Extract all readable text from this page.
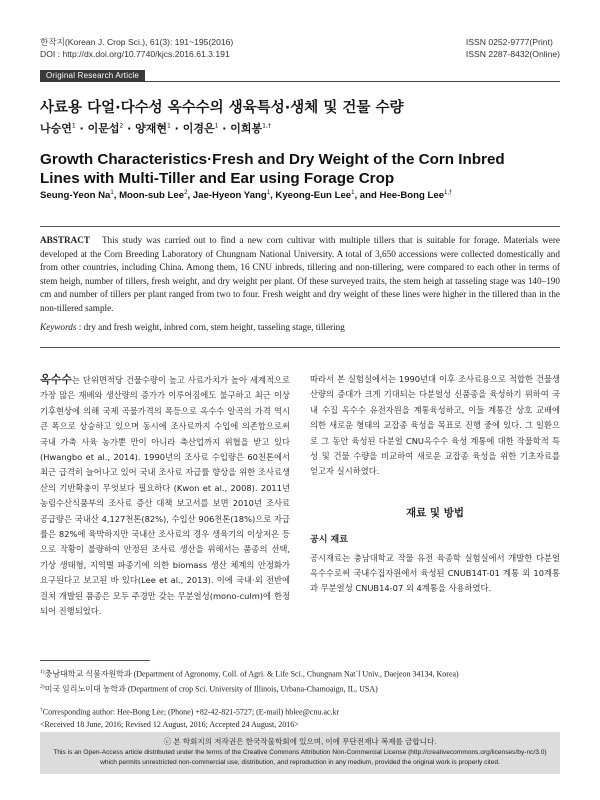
한작지(Korean J. Crop Sci.), 61(3): 191~195(2016)
DOI : http://dx.doi.org/10.7740/kjcs.2016.61.3.191
ISSN 0252-9777(Print)
ISSN 2287-8432(Online)
Original Research Article
사료용 다얼·다수성 옥수수의 생육특성·생체 및 건물 수량
나승연$^1$ · 이문섭$^2$ · 양재현$^1$ · 이경은$^1$ · 이희봉$^{1,\dagger}$
Growth Characteristics·Fresh and Dry Weight of the Corn Inbred Lines with Multi-Tiller and Ear using Forage Crop
Seung-Yeon Na$^1$, Moon-sub Lee$^2$, Jae-Hyeon Yang$^1$, Kyeong-Eun Lee$^1$, and Hee-Bong Lee$^{1,\dagger}$
ABSTRACT This study was carried out to find a new corn cultivar with multiple tillers that is suitable for forage. Materials were developed at the Corn Breeding Laboratory of Chungnam National University. A total of 3,650 accessions were collected domestically and from other countries, including China. Among them, 16 CNU inbreds, tillering and non-tillering, were compared to each other in terms of stem heigh, number of tillers, fresh weight, and dry weight per plant. Of these surveyed traits, the stem heigh at tasseling stage was 140–190 cm and number of tillers per plant ranged from two to four. Fresh weight and dry weight of these lines were higher in the tillered than in the non-tillered sample.
Keywords : dry and fresh weight, inbred corn, stem height, tasseling stage, tillering
옥수수는 단위면적당 건물수량이 높고 사료가치가 높아 세계적으로 가장 많은 재배와 생산량의 증가가 이루어짐에도 불구하고 최근 이상기후현상에 의해 국제 곡물가격의 폭등으로 옥수수 알곡의 가격 역시 큰 폭으로 상승하고 있으며 동시에 조사료까지 수입에 의존함으로써 국내 가축 사육 농가뿐 만이 아니라 축산업까지 위협을 받고 있다 (Hwangbo et al., 2014). 1990년의 조사료 수입량은 60천톤에서 최근 급격히 늘어나고 있어 국내 조사료 자급률 향상을 위한 조사료생산의 기반확충이 무엇보다 필요하다 (Kwon et al., 2008). 2011년 농림수산식품부의 조사료 증산 대책 보고서를 보면 2010년 조사료 공급량은 국내산 4,127천톤(82%), 수입산 906천톤(18%)으로 자급률은 82%에 육박하지만 국내산 조사료의 경우 생육기의 이상저온 등으로 작황이 불량하여 안정된 조사료 생산을 위해서는 품종의 선택, 기상 생태형, 지역별 파종기에 의한 biomass 생산 체계의 안정화가 요구된다고 보고된 바 있다(Lee et al., 2013). 이에 국내·외 전반에 걸쳐 개발된 품종은 모두 주경만 갖는 무분얼성(mono-culm)에 한정되어 진행되었다.
따라서 본 실험실에서는 1990년대 이후 조사료용으로 적합한 건물생산량의 증대가 크게 기대되는 다분얼성 신품종을 육성하기 위하여 국내 수집 옥수수 유전자원을 계통육성하고, 이들 계통간 상호 교배에 의한 새로운 형태의 교잡종 육성을 목표로 진행 중에 있다. 그 일환으로 그 동안 육성된 다분얼 CNU옥수수 육성 계통에 대한 작물학적 특성 및 건물 수량을 비교하여 새로운 교잡종 육성을 위한 기초자료를 얻고자 실시하였다.
재료 및 방법
공시 재료
공시재료는 충남대학교 작물 유전 육종학 실험실에서 개발한 다분얼 옥수수로써 국내수집자원에서 육성된 CNUB14T-01 계통 외 10계통과 무분얼성 CNUB14-07 외 4계통을 사용하였다.
$^{1)}$충남대학교 식물자원학과 (Department of Agronomy, Coll. of Agri. & Life Sci., Chungnam Nat`l Univ., Daejeon 34134, Korea)
$^{2)}$미국 일리노이대 농학과 (Department of crop Sci. University of Illinois, Urbana-Chamoaign, IL, USA)
†Corresponding author: Hee-Bong Lee; (Phone) +82-42-821-5727; (E-mail) hblee@cnu.ac.kr
<Received 18 June, 2016; Revised 12 August, 2016; Accepted 24 August, 2016>
ⓒ 본 학회지의 저작권은 한국작물학회에 있으며, 이에 무단전재나 복제를 금합니다.
This is an Open-Access article distributed under the terms of the Creative Commons Attribution Non-Commercial License (http://creativecommons.org/licenses/by-nc/3.0) which permits unrestricted non-commercial use, distribution, and reproduction in any medium, provided the original work is properly cited.
